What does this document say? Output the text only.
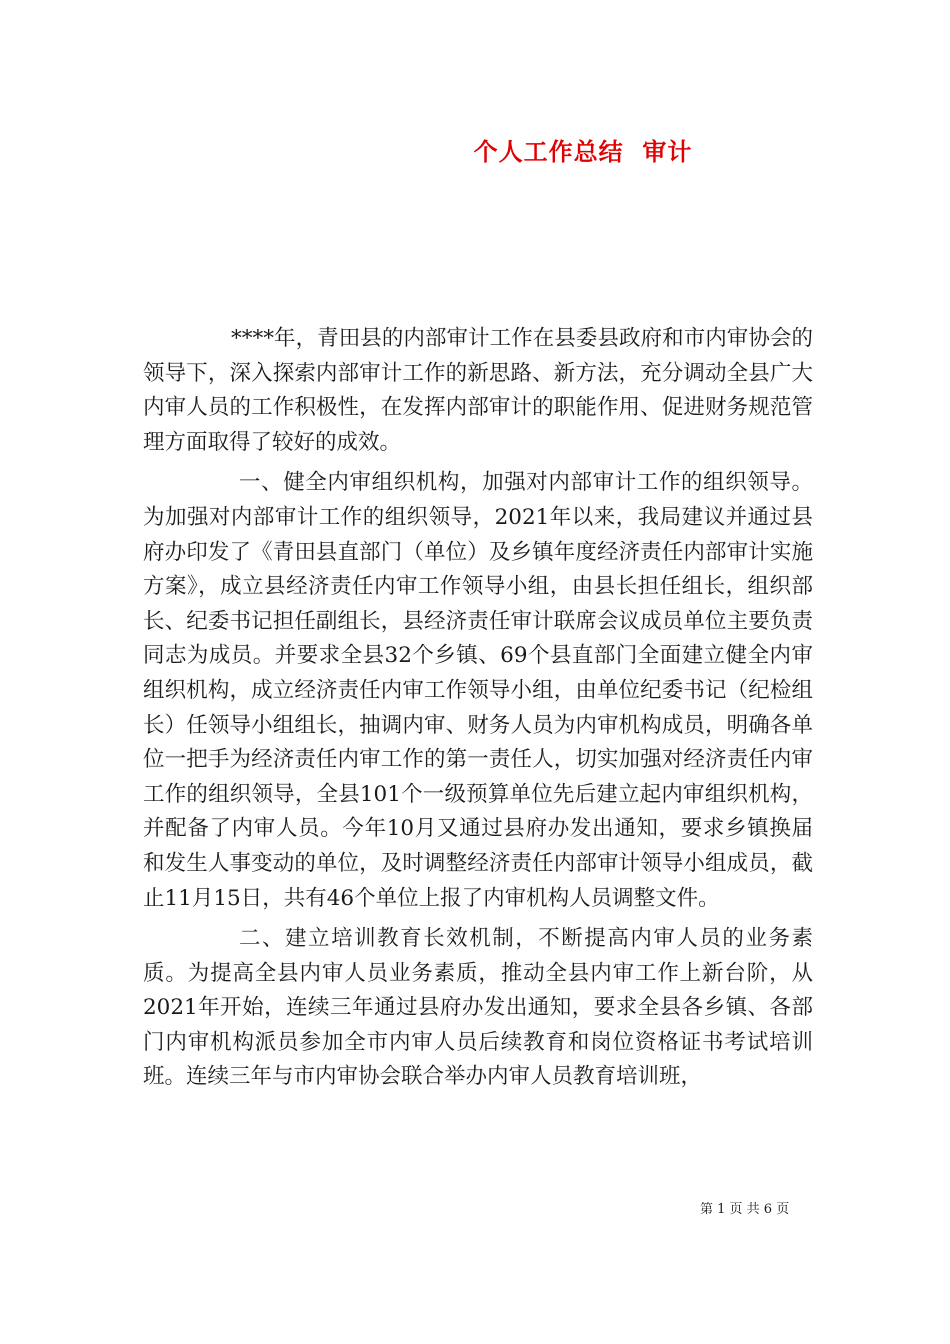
个人工作总结  审计

****年，青田县的内部审计工作在县委县政府和市内审协会的领导下，深入探索内部审计工作的新思路、新方法，充分调动全县广大内审人员的工作积极性，在发挥内部审计的职能作用、促进财务规范管理方面取得了较好的成效。

一、健全内审组织机构，加强对内部审计工作的组织领导。为加强对内部审计工作的组织领导，2021年以来，我局建议并通过县府办印发了《青田县直部门（单位）及乡镇年度经济责任内部审计实施方案》，成立县经济责任内审工作领导小组，由县长担任组长，组织部长、纪委书记担任副组长，县经济责任审计联席会议成员单位主要负责同志为成员。并要求全县32个乡镇、69个县直部门全面建立健全内审组织机构，成立经济责任内审工作领导小组，由单位纪委书记（纪检组长）任领导小组组长，抽调内审、财务人员为内审机构成员，明确各单位一把手为经济责任内审工作的第一责任人，切实加强对经济责任内审工作的组织领导，全县101个一级预算单位先后建立起内审组织机构，并配备了内审人员。今年10月又通过县府办发出通知，要求乡镇换届和发生人事变动的单位，及时调整经济责任内部审计领导小组成员，截止11月15日，共有46个单位上报了内审机构人员调整文件。

二、建立培训教育长效机制，不断提高内审人员的业务素质。为提高全县内审人员业务素质，推动全县内审工作上新台阶，从2021年开始，连续三年通过县府办发出通知，要求全县各乡镇、各部门内审机构派员参加全市内审人员后续教育和岗位资格证书考试培训班。连续三年与市内审协会联合举办内审人员教育培训班，

第 1 页 共 6 页
